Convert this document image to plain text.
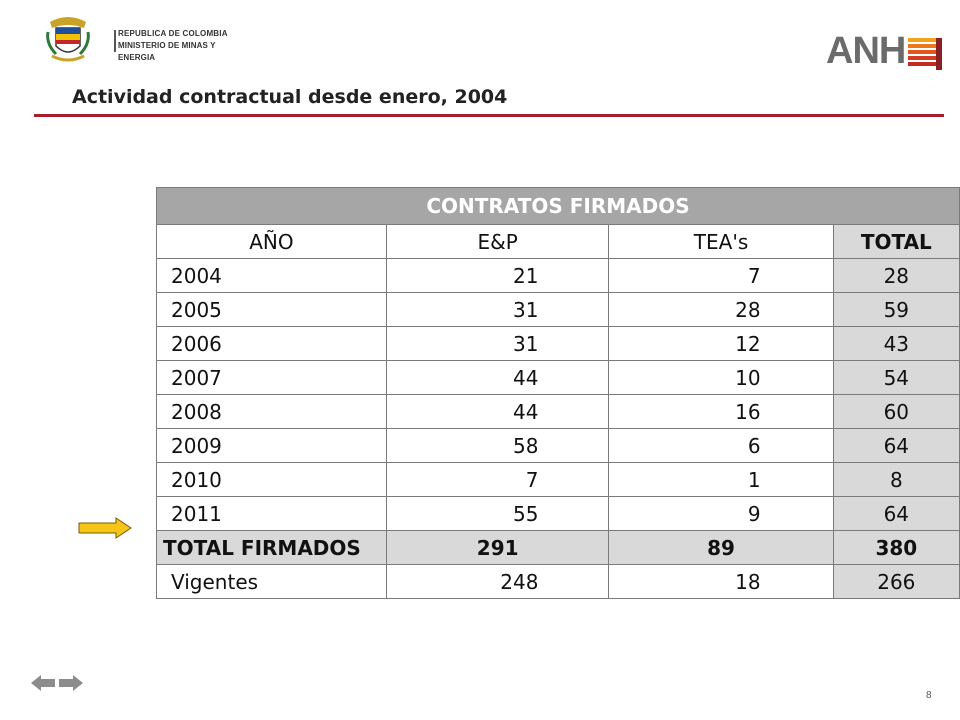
REPUBLICA DE COLOMBIA
MINISTERIO DE MINAS Y ENERGIA	ANH
Actividad contractual desde enero, 2004
CONTRATOS FIRMADOS			
AÑO	E&P	TEA's	TOTAL
2004	21	7	28
2005	31	28	59
2006	31	12	43
2007	44	10	54
2008	44	16	60
2009	58	6	64
2010	7	1	8
2011	55	9	64
TOTAL FIRMADOS	291	89	380
Vigentes	248	18	266
8
